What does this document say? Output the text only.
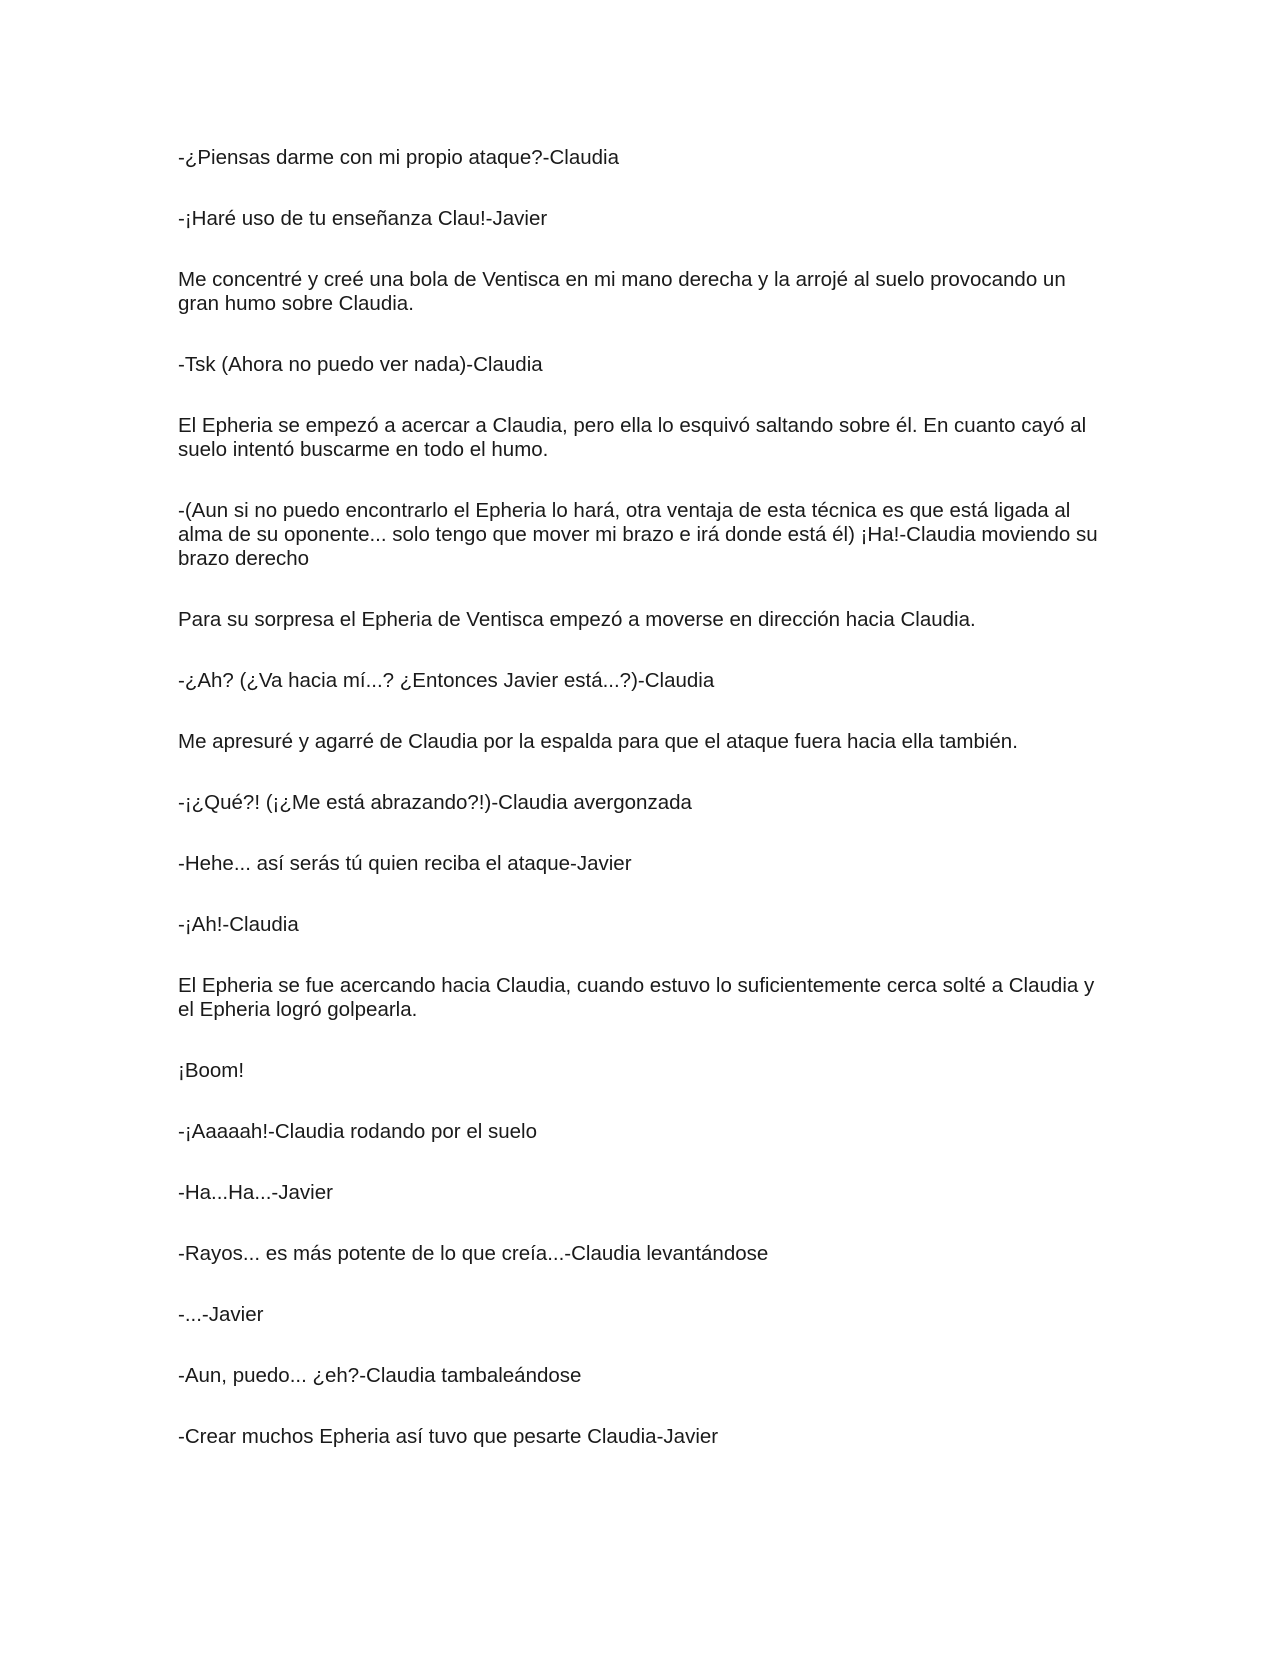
-¿Piensas darme con mi propio ataque?-Claudia

-¡Haré uso de tu enseñanza Clau!-Javier

Me concentré y creé una bola de Ventisca en mi mano derecha y la arrojé al suelo provocando un gran humo sobre Claudia.

-Tsk (Ahora no puedo ver nada)-Claudia

El Epheria se empezó a acercar a Claudia, pero ella lo esquivó saltando sobre él. En cuanto cayó al suelo intentó buscarme en todo el humo.

-(Aun si no puedo encontrarlo el Epheria lo hará, otra ventaja de esta técnica es que está ligada al alma de su oponente... solo tengo que mover mi brazo e irá donde está él) ¡Ha!-Claudia moviendo su brazo derecho

Para su sorpresa el Epheria de Ventisca empezó a moverse en dirección hacia Claudia.

-¿Ah? (¿Va hacia mí...? ¿Entonces Javier está...?)-Claudia

Me apresuré y agarré de Claudia por la espalda para que el ataque fuera hacia ella también.

-¡¿Qué?! (¡¿Me está abrazando?!)-Claudia avergonzada

-Hehe... así serás tú quien reciba el ataque-Javier

-¡Ah!-Claudia

El Epheria se fue acercando hacia Claudia, cuando estuvo lo suficientemente cerca solté a Claudia y el Epheria logró golpearla.

¡Boom!

-¡Aaaaah!-Claudia rodando por el suelo

-Ha...Ha...-Javier

-Rayos... es más potente de lo que creía...-Claudia levantándose

-...-Javier

-Aun, puedo... ¿eh?-Claudia tambaleándose

-Crear muchos Epheria así tuvo que pesarte Claudia-Javier
